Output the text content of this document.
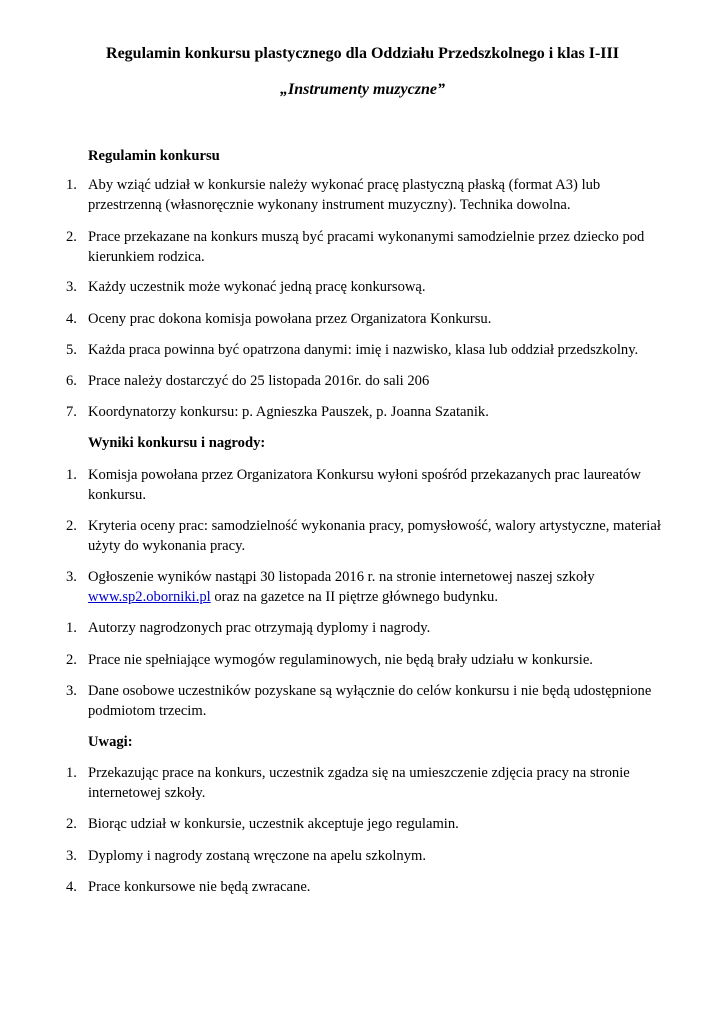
Regulamin konkursu plastycznego dla Oddziału Przedszkolnego i klas I-III
„Instrumenty muzyczne”

Regulamin konkursu

1. Aby wziąć udział w konkursie należy wykonać pracę plastyczną płaską (format A3) lub przestrzenną (własnoręcznie wykonany instrument muzyczny). Technika dowolna.
2. Prace przekazane na konkurs muszą być pracami wykonanymi samodzielnie przez dziecko pod kierunkiem rodzica.
3. Każdy uczestnik może wykonać jedną pracę konkursową.
4. Oceny prac dokona komisja powołana przez Organizatora Konkursu.
5. Każda praca powinna być opatrzona danymi: imię i nazwisko, klasa lub oddział przedszkolny.
6. Prace należy dostarczyć do 25 listopada 2016r. do sali 206
7. Koordynatorzy konkursu: p. Agnieszka Pauszek, p. Joanna Szatanik.

Wyniki konkursu i nagrody:

1. Komisja powołana przez Organizatora Konkursu wyłoni spośród przekazanych prac laureatów konkursu.
2. Kryteria oceny prac: samodzielność wykonania pracy, pomysłowość, walory artystyczne, materiał użyty do wykonania pracy.
3. Ogłoszenie wyników nastąpi 30 listopada 2016 r. na stronie internetowej naszej szkoły www.sp2.oborniki.pl oraz na gazetce na II piętrze głównego budynku.
1. Autorzy nagrodzonych prac otrzymają dyplomy i nagrody.
2. Prace nie spełniające wymogów regulaminowych, nie będą brały udziału w konkursie.
3. Dane osobowe uczestników pozyskane są wyłącznie do celów konkursu i nie będą udostępnione podmiotom trzecim.

Uwagi:

1. Przekazując prace na konkurs, uczestnik zgadza się na umieszczenie zdjęcia pracy na stronie internetowej szkoły.
2. Biorąc udział w konkursie, uczestnik akceptuje jego regulamin.
3. Dyplomy i nagrody zostaną wręczone na apelu szkolnym.
4. Prace konkursowe nie będą zwracane.
